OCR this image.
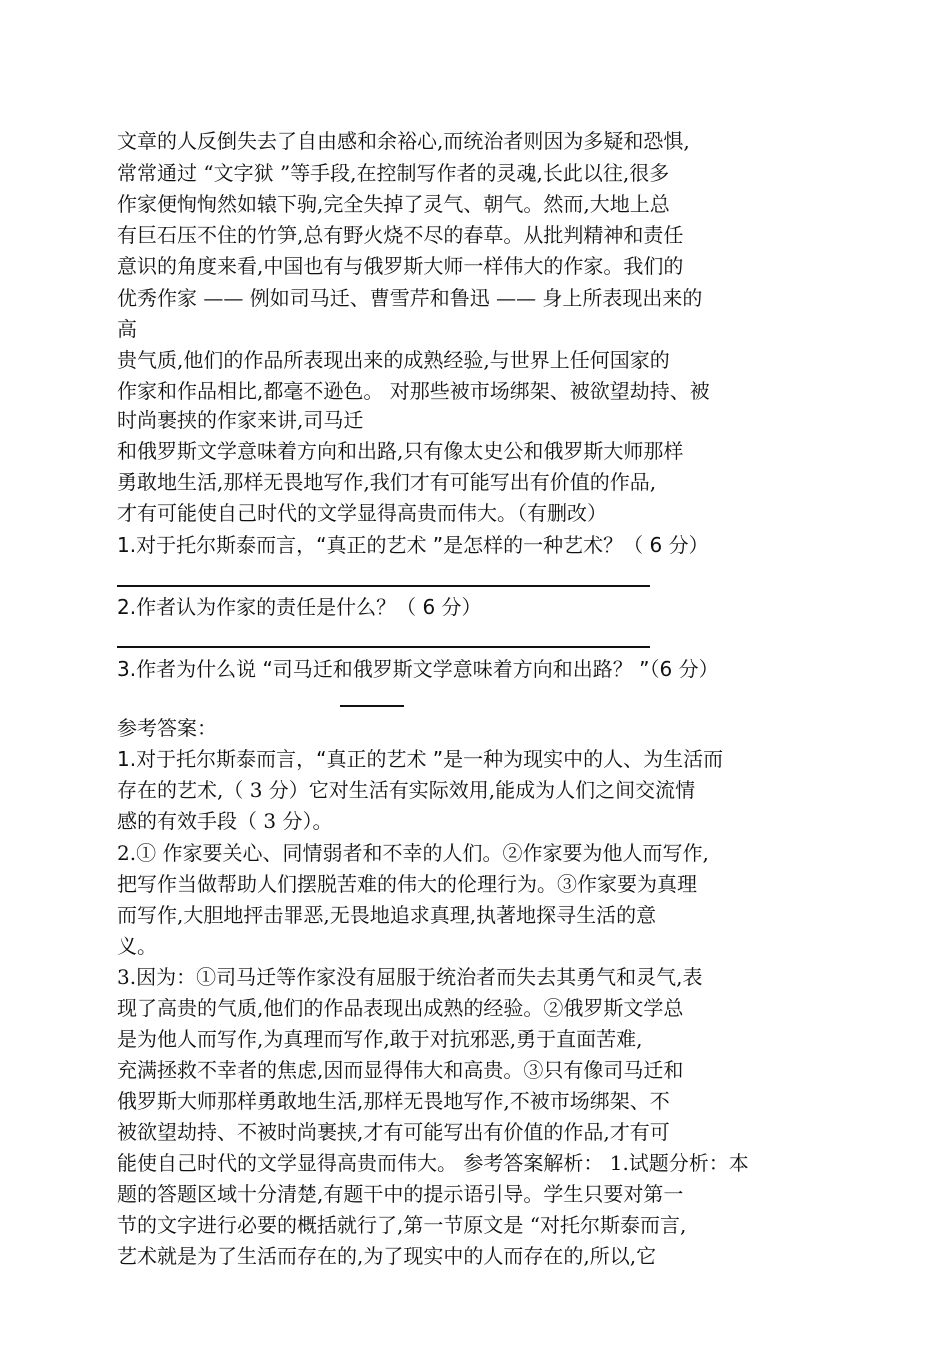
文章的人反倒失去了自由感和余裕心,而统治者则因为多疑和恐惧,
常常通过 “文字狱 ”等手段,在控制写作者的灵魂,长此以往,很多
作家便恂恂然如辕下驹,完全失掉了灵气、朝气。然而,大地上总
有巨石压不住的竹笋,总有野火烧不尽的春草。从批判精神和责任
意识的角度来看,中国也有与俄罗斯大师一样伟大的作家。我们的
优秀作家 —— 例如司马迁、曹雪芹和鲁迅 —— 身上所表现出来的
高
贵气质,他们的作品所表现出来的成熟经验,与世界上任何国家的
作家和作品相比,都毫不逊色。 对那些被市场绑架、被欲望劫持、被
时尚裹挟的作家来讲,司马迁
和俄罗斯文学意味着方向和出路,只有像太史公和俄罗斯大师那样
勇敢地生活,那样无畏地写作,我们才有可能写出有价值的作品,
才有可能使自己时代的文学显得高贵而伟大。（有删改）
1.对于托尔斯泰而言，“真正的艺术 ”是怎样的一种艺术？（ 6 分）
2.作者认为作家的责任是什么？（ 6 分）
3.作者为什么说 “司马迁和俄罗斯文学意味着方向和出路？ ”（6 分）
参考答案：
1.对于托尔斯泰而言，“真正的艺术 ”是一种为现实中的人、为生活而
存在的艺术,（ 3 分）它对生活有实际效用,能成为人们之间交流情
感的有效手段（ 3 分）。
2.① 作家要关心、同情弱者和不幸的人们。②作家要为他人而写作,
把写作当做帮助人们摆脱苦难的伟大的伦理行为。③作家要为真理
而写作,大胆地抨击罪恶,无畏地追求真理,执著地探寻生活的意
义。
3.因为：①司马迁等作家没有屈服于统治者而失去其勇气和灵气,表
现了高贵的气质,他们的作品表现出成熟的经验。②俄罗斯文学总
是为他人而写作,为真理而写作,敢于对抗邪恶,勇于直面苦难,
充满拯救不幸者的焦虑,因而显得伟大和高贵。③只有像司马迁和
俄罗斯大师那样勇敢地生活,那样无畏地写作,不被市场绑架、不
被欲望劫持、不被时尚裹挟,才有可能写出有价值的作品,才有可
能使自己时代的文学显得高贵而伟大。 参考答案解析： 1.试题分析：本
题的答题区域十分清楚,有题干中的提示语引导。学生只要对第一
节的文字进行必要的概括就行了,第一节原文是 “对托尔斯泰而言,
艺术就是为了生活而存在的,为了现实中的人而存在的,所以,它
